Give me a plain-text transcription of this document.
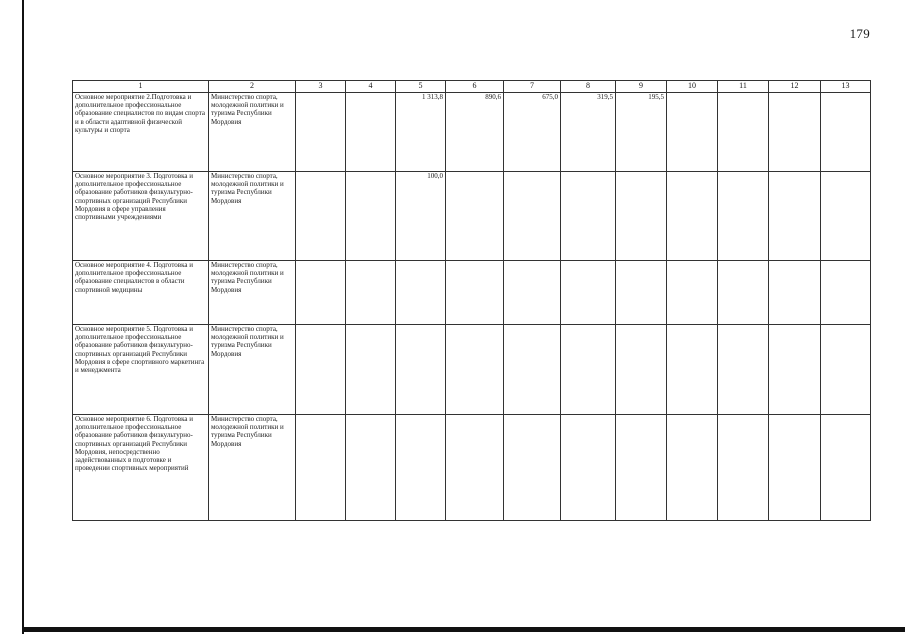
179
1	2	3	4	5	6	7	8	9	10	11	12	13
Основное мероприятие 2.Подготовка и дополнительное профессиональное образование специалистов по видам спорта и в области адаптивной физической культуры и спорта	Министерство спорта, молодежной политики и туризма Республики Мордовия			1 313,8	890,6	675,0	319,5	195,5				
Основное мероприятие 3. Подготовка и дополнительное профессиональное образование работников физкультурно-спортивных организаций Республики Мордовия в сфере управления спортивными учреждениями	Министерство спорта, молодежной политики и туризма Республики Мордовия			100,0								
Основное мероприятие 4. Подготовка и дополнительное профессиональное образование специалистов в области спортивной медицины	Министерство спорта, молодежной политики и туризма Республики Мордовия											
Основное мероприятие 5. Подготовка и дополнительное профессиональное образование работников физкультурно-спортивных организаций Республики Мордовия в сфере спортивного маркетинга и менеджмента	Министерство спорта, молодежной политики и туризма Республики Мордовия											
Основное мероприятие 6. Подготовка и дополнительное профессиональное образование работников физкультурно-спортивных организаций Республики Мордовия, непосредственно задействованных в подготовке и проведении спортивных мероприятий	Министерство спорта, молодежной политики и туризма Республики Мордовия											
